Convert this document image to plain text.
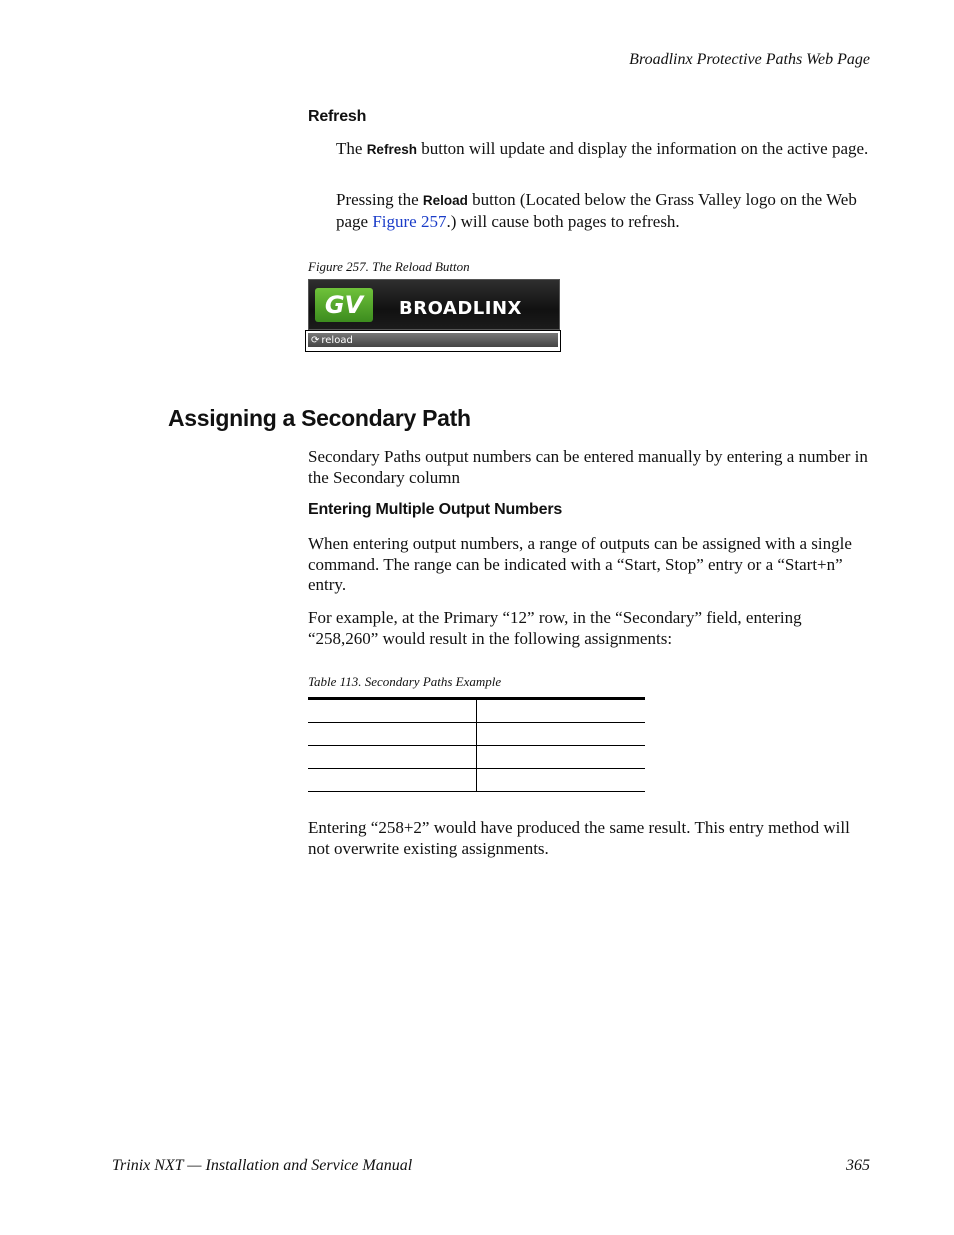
Broadlinx Protective Paths Web Page
Refresh
The Refresh button will update and display the information on the active page.
Pressing the Reload button (Located below the Grass Valley logo on the Web page Figure 257.) will cause both pages to refresh.
Figure 257. The Reload Button
GV	BROADLINX
⟳ reload
Assigning a Secondary Path
Secondary Paths output numbers can be entered manually by entering a number in the Secondary column
Entering Multiple Output Numbers
When entering output numbers, a range of outputs can be assigned with a single command. The range can be indicated with a “Start, Stop” entry or a “Start+n” entry.
For example, at the Primary “12” row, in the “Secondary” field, entering “258,260” would result in the following assignments:
Table 113. Secondary Paths Example

Entering “258+2” would have produced the same result. This entry method will not overwrite existing assignments.
Trinix NXT — Installation and Service Manual	365
